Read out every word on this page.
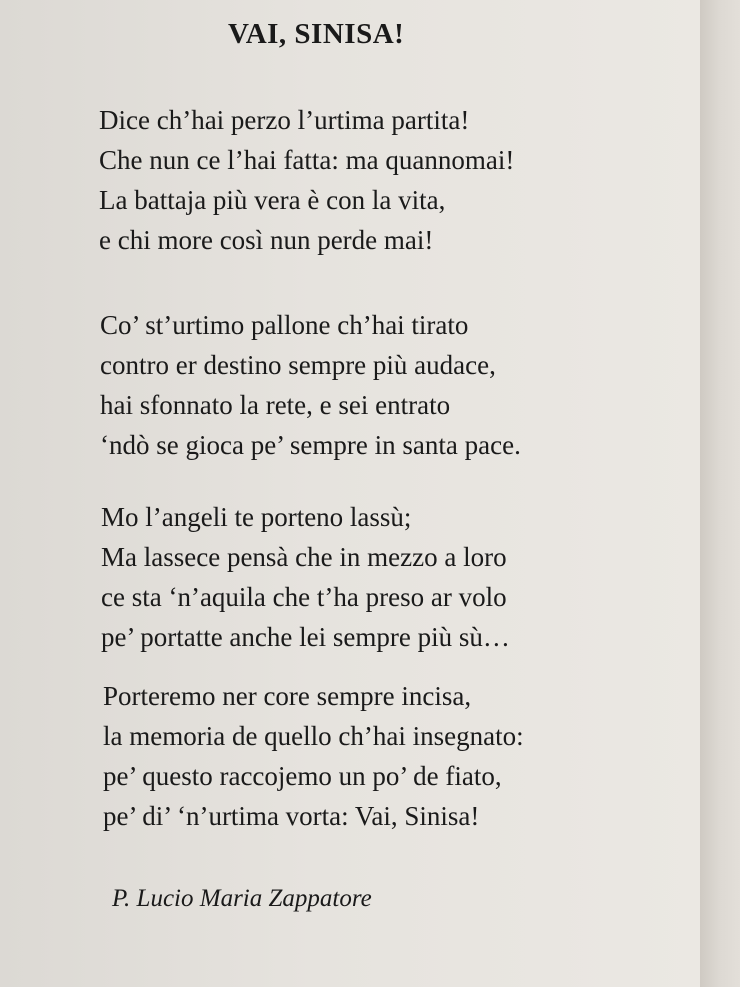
VAI, SINISA!

Dice ch’hai perzo l’urtima partita!
Che nun ce l’hai fatta: ma quannomai!
La battaja più vera è con la vita,
e chi more così nun perde mai!

Co’ st’urtimo pallone ch’hai tirato
contro er destino sempre più audace,
hai sfonnato la rete, e sei entrato
‘ndò se gioca pe’ sempre in santa pace.

Mo l’angeli te porteno lassù;
Ma lassece pensà che in mezzo a loro
ce sta ‘n’aquila che t’ha preso ar volo
pe’ portatte anche lei sempre più sù…

Porteremo ner core sempre incisa,
la memoria de quello ch’hai insegnato:
pe’ questo raccojemo un po’ de fiato,
pe’ di’ ‘n’urtima vorta: Vai, Sinisa!

P. Lucio Maria Zappatore
